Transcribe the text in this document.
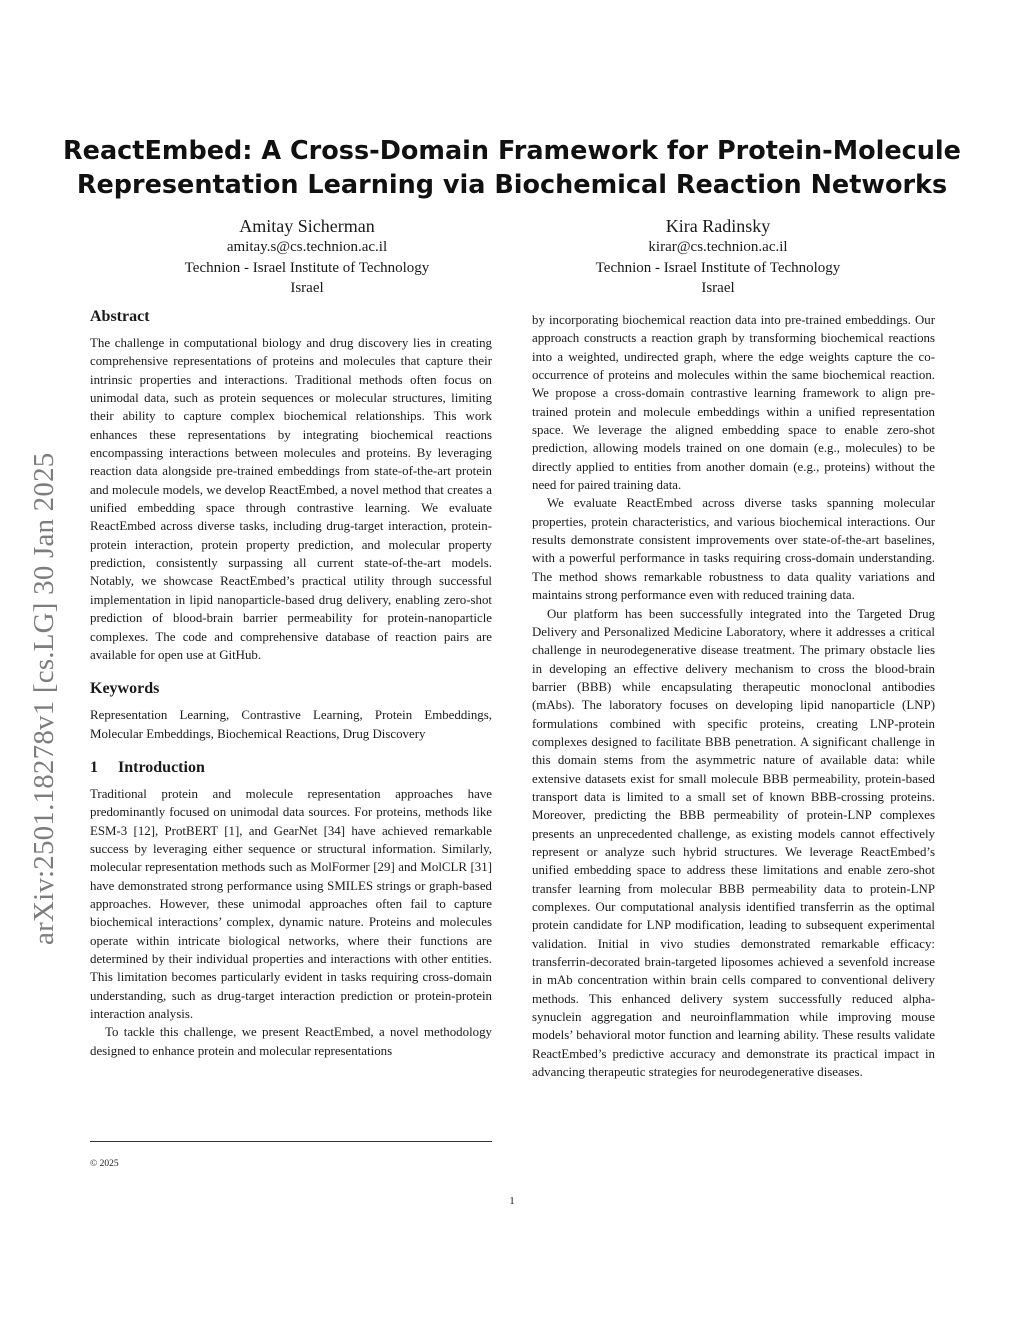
arXiv:2501.18278v1 [cs.LG] 30 Jan 2025
ReactEmbed: A Cross-Domain Framework for Protein-Molecule
Representation Learning via Biochemical Reaction Networks
Amitay Sicherman
amitay.s@cs.technion.ac.il
Technion - Israel Institute of Technology
Israel
Kira Radinsky
kirar@cs.technion.ac.il
Technion - Israel Institute of Technology
Israel
Abstract

The challenge in computational biology and drug discovery lies in creating comprehensive representations of proteins and molecules that capture their intrinsic properties and interactions. Traditional methods often focus on unimodal data, such as protein sequences or molecular structures, limiting their ability to capture complex biochemical relationships. This work enhances these representations by integrating biochemical reactions encompassing interactions between molecules and proteins. By leveraging reaction data alongside pre-trained embeddings from state-of-the-art protein and molecule models, we develop ReactEmbed, a novel method that creates a unified embedding space through contrastive learning. We evaluate ReactEmbed across diverse tasks, including drug-target interaction, protein-protein interaction, protein property prediction, and molecular property prediction, consistently surpassing all current state-of-the-art models. Notably, we showcase ReactEmbed’s practical utility through successful implementation in lipid nanoparticle-based drug delivery, enabling zero-shot prediction of blood-brain barrier permeability for protein-nanoparticle complexes. The code and comprehensive database of reaction pairs are available for open use at GitHub.

Keywords

Representation Learning, Contrastive Learning, Protein Embeddings, Molecular Embeddings, Biochemical Reactions, Drug Discovery

1 Introduction

Traditional protein and molecule representation approaches have predominantly focused on unimodal data sources. For proteins, methods like ESM-3 [12], ProtBERT [1], and GearNet [34] have achieved remarkable success by leveraging either sequence or structural information. Similarly, molecular representation methods such as MolFormer [29] and MolCLR [31] have demonstrated strong performance using SMILES strings or graph-based approaches. However, these unimodal approaches often fail to capture biochemical interactions’ complex, dynamic nature. Proteins and molecules operate within intricate biological networks, where their functions are determined by their individual properties and interactions with other entities. This limitation becomes particularly evident in tasks requiring cross-domain understanding, such as drug-target interaction prediction or protein-protein interaction analysis.

To tackle this challenge, we present ReactEmbed, a novel methodology designed to enhance protein and molecular representations

© 2025

by incorporating biochemical reaction data into pre-trained embeddings. Our approach constructs a reaction graph by transforming biochemical reactions into a weighted, undirected graph, where the edge weights capture the co-occurrence of proteins and molecules within the same biochemical reaction. We propose a cross-domain contrastive learning framework to align pre-trained protein and molecule embeddings within a unified representation space. We leverage the aligned embedding space to enable zero-shot prediction, allowing models trained on one domain (e.g., molecules) to be directly applied to entities from another domain (e.g., proteins) without the need for paired training data.

We evaluate ReactEmbed across diverse tasks spanning molecular properties, protein characteristics, and various biochemical interactions. Our results demonstrate consistent improvements over state-of-the-art baselines, with a powerful performance in tasks requiring cross-domain understanding. The method shows remarkable robustness to data quality variations and maintains strong performance even with reduced training data.

Our platform has been successfully integrated into the Targeted Drug Delivery and Personalized Medicine Laboratory, where it addresses a critical challenge in neurodegenerative disease treatment. The primary obstacle lies in developing an effective delivery mechanism to cross the blood-brain barrier (BBB) while encapsulating therapeutic monoclonal antibodies (mAbs). The laboratory focuses on developing lipid nanoparticle (LNP) formulations combined with specific proteins, creating LNP-protein complexes designed to facilitate BBB penetration. A significant challenge in this domain stems from the asymmetric nature of available data: while extensive datasets exist for small molecule BBB permeability, protein-based transport data is limited to a small set of known BBB-crossing proteins. Moreover, predicting the BBB permeability of protein-LNP complexes presents an unprecedented challenge, as existing models cannot effectively represent or analyze such hybrid structures. We leverage ReactEmbed’s unified embedding space to address these limitations and enable zero-shot transfer learning from molecular BBB permeability data to protein-LNP complexes. Our computational analysis identified transferrin as the optimal protein candidate for LNP modification, leading to subsequent experimental validation. Initial in vivo studies demonstrated remarkable efficacy: transferrin-decorated brain-targeted liposomes achieved a sevenfold increase in mAb concentration within brain cells compared to conventional delivery methods. This enhanced delivery system successfully reduced alpha-synuclein aggregation and neuroinflammation while improving mouse models’ behavioral motor function and learning ability. These results validate ReactEmbed’s predictive accuracy and demonstrate its practical impact in advancing therapeutic strategies for neurodegenerative diseases.

1
